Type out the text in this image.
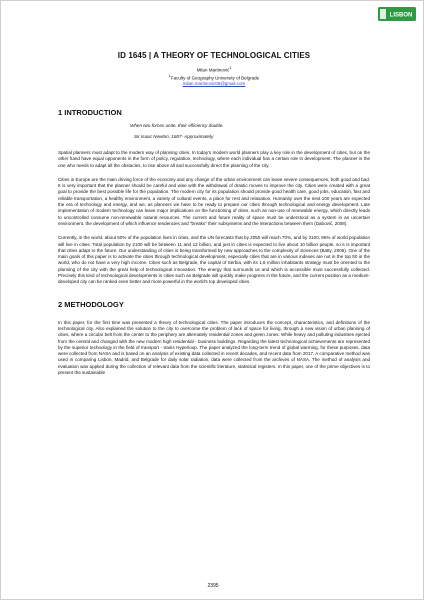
LISBON
ID 1645 | A THEORY OF TECHNOLOGICAL CITIES
Milan Martinović$^1$
$^1$Faculty of Geography University of Belgrade
milan.martinovic05@gmail.com
1 INTRODUCTION
When two forces unite, their efficiency double.
Sir Isaac Newton, 1687- Approximately

Spatial planners must adapt to the modern way of planning cities. In today's modern world planners play a key role in the development of cities, but on the other hand have equal opponents in the form of policy, regulation, technology, where each individual has a certain role in development. The planner is the one who needs to adapt all the obstacles, to rise above all and successfully direct the planning of the city.

Cities in Europe are the main driving force of the economy and any change of the urban environment can leave severe consequences, both good and bad. It is very important that the planner should be careful and wise with the withdrawal of drastic moves to improve the city. Cities were created with a great goal to provide the best possible life for the population. The modern city for its population should provide good health care, good jobs, education, fast and reliable transportation, a healthy environment, a variety of cultural events, a place for rest and relaxation. Humanity over the next 100 years are expected the era of technology and energy, and we, as planners we have to be ready to prepare our cities through technological and energy development. Late implementation of modern technology can leave major implications on the functioning of cities, such as non-use of renewable energy, which directly leads to uncontrolled consume non-renewable natural resources. The current and future reality of space must be understood as a system in an uncertain environment, the development of which influence tendencies and "breaks" their subsystems and the interactions between them (Dabović, 2008).

Currently, in the world, about 50% of the population lives in cities, and the UN forecasts that by 2050 will reach 70%, and by 2100, 86% of world population will live in cities. Total population by 2100 will be between 11 and 12 billion, and just in cities is expected to live about 10 billion people, so it is important that cities adapt to the future. Our understanding of cities is being transformed by new approaches to the complexity of Sciences (Batty, 2005). One of the main goals of this paper is to activate the cities through technological development, especially cities that are in various indexes are not in the top 50 in the world, who do not have a very high income. Cities such as Belgrade, the capital of Serbia, with its 1,6 million inhabitants strategy must be oriented to the planning of the city with the great help of technological innovation. The energy that surrounds us and which is accessible must successfully collected. Precisely this kind of technological developments in cities such as Belgrade will quickly make progress in the future, and the current position as a medium-developed city can be ranked even better and more powerful in the world's top developed cities.

2 METHODOLOGY

In this paper, for the first time was presented a theory of technological cities. The paper introduces the concept, characteristics, and definitions of the technological city. Also explained the solution to the city to overcome the problem of lack of space for living, through a new vision of urban planning of cities, where a circular belt from the center to the periphery are alternately residential zones and green zones. While heavy and polluting industries ejected from the central and changed with the new modern high residential - business buildings. Regarding the latest technological achievements are represented by the superior technology in the field of transport - trains Hyperloop. The paper analyzed the long-term trend of global warming, for these purposes, data were collected from NASA and is based on an analysis of existing data collected in recent decades, and recent data from 2017. A comparative method was used in comparing Lisbon, Madrid, and Belgrade for daily solar radiation, data were collected from the archives of NASA. The method of analysis and evaluation was applied during the collection of relevant data from the scientific literature, statistical registers. In this paper, one of the prime objectives is to present the sustainable

2395
